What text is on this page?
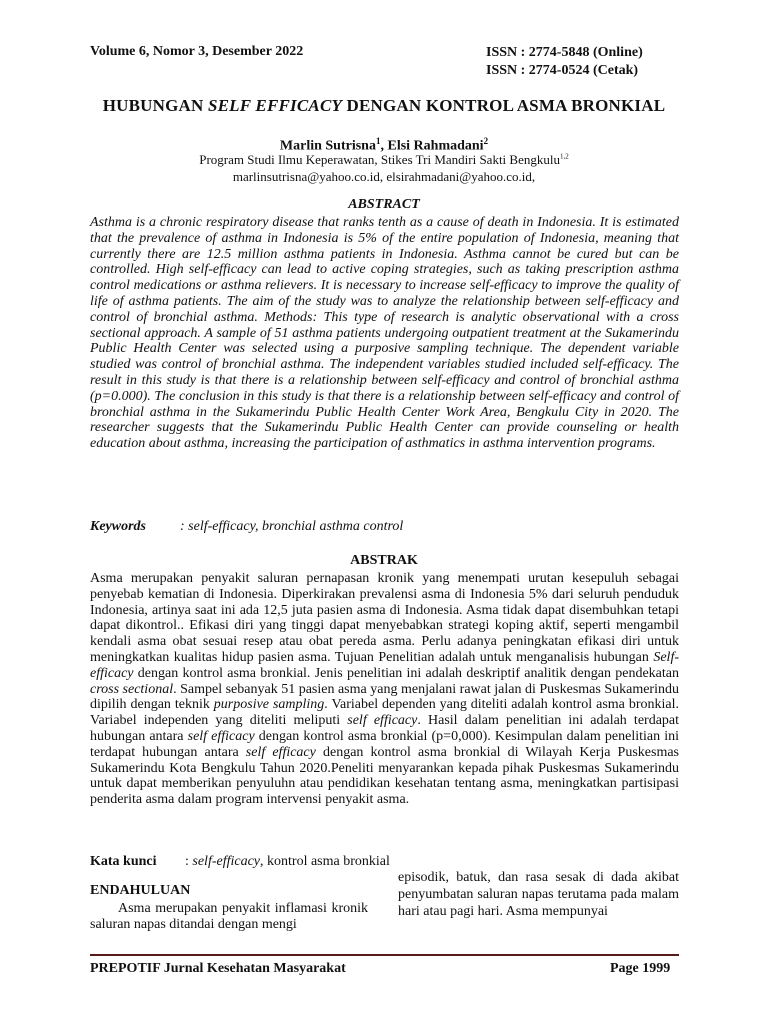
Volume 6, Nomor 3, Desember 2022	ISSN : 2774-5848 (Online)
ISSN : 2774-0524 (Cetak)
HUBUNGAN SELF EFFICACY DENGAN KONTROL ASMA BRONKIAL
Marlin Sutrisna$^1$, Elsi Rahmadani$^2$
Program Studi Ilmu Keperawatan, Stikes Tri Mandiri Sakti Bengkulu$^{1,2}$
marlinsutrisna@yahoo.co.id, elsirahmadani@yahoo.co.id,
ABSTRACT
Asthma is a chronic respiratory disease that ranks tenth as a cause of death in Indonesia. It is estimated that the prevalence of asthma in Indonesia is 5% of the entire population of Indonesia, meaning that currently there are 12.5 million asthma patients in Indonesia. Asthma cannot be cured but can be controlled. High self-efficacy can lead to active coping strategies, such as taking prescription asthma control medications or asthma relievers. It is necessary to increase self-efficacy to improve the quality of life of asthma patients. The aim of the study was to analyze the relationship between self-efficacy and control of bronchial asthma. Methods: This type of research is analytic observational with a cross sectional approach. A sample of 51 asthma patients undergoing outpatient treatment at the Sukamerindu Public Health Center was selected using a purposive sampling technique. The dependent variable studied was control of bronchial asthma. The independent variables studied included self-efficacy. The result in this study is that there is a relationship between self-efficacy and control of bronchial asthma (p=0.000). The conclusion in this study is that there is a relationship between self-efficacy and control of bronchial asthma in the Sukamerindu Public Health Center Work Area, Bengkulu City in 2020. The researcher suggests that the Sukamerindu Public Health Center can provide counseling or health education about asthma, increasing the participation of asthmatics in asthma intervention programs.
Keywords : self-efficacy, bronchial asthma control
ABSTRAK
Asma merupakan penyakit saluran pernapasan kronik yang menempati urutan kesepuluh sebagai penyebab kematian di Indonesia. Diperkirakan prevalensi asma di Indonesia 5% dari seluruh penduduk Indonesia, artinya saat ini ada 12,5 juta pasien asma di Indonesia. Asma tidak dapat disembuhkan tetapi dapat dikontrol.. Efikasi diri yang tinggi dapat menyebabkan strategi koping aktif, seperti mengambil kendali asma obat sesuai resep atau obat pereda asma. Perlu adanya peningkatan efikasi diri untuk meningkatkan kualitas hidup pasien asma. Tujuan Penelitian adalah untuk menganalisis hubungan Self-efficacy dengan kontrol asma bronkial. Jenis penelitian ini adalah deskriptif analitik dengan pendekatan cross sectional. Sampel sebanyak 51 pasien asma yang menjalani rawat jalan di Puskesmas Sukamerindu dipilih dengan teknik purposive sampling. Variabel dependen yang diteliti adalah kontrol asma bronkial. Variabel independen yang diteliti meliputi self efficacy. Hasil dalam penelitian ini adalah terdapat hubungan antara self efficacy dengan kontrol asma bronkial (p=0,000). Kesimpulan dalam penelitian ini terdapat hubungan antara self efficacy dengan kontrol asma bronkial di Wilayah Kerja Puskesmas Sukamerindu Kota Bengkulu Tahun 2020.Peneliti menyarankan kepada pihak Puskesmas Sukamerindu untuk dapat memberikan penyuluhn atau pendidikan kesehatan tentang asma, meningkatkan partisipasi penderita asma dalam program intervensi penyakit asma.
Kata kunci : self-efficacy, kontrol asma bronkial
ENDAHULUAN
Asma merupakan penyakit inflamasi kronik saluran napas ditandai dengan mengi
episodik, batuk, dan rasa sesak di dada akibat penyumbatan saluran napas terutama pada malam hari atau pagi hari. Asma mempunyai
PREPOTIF Jurnal Kesehatan Masyarakat	Page 1999
